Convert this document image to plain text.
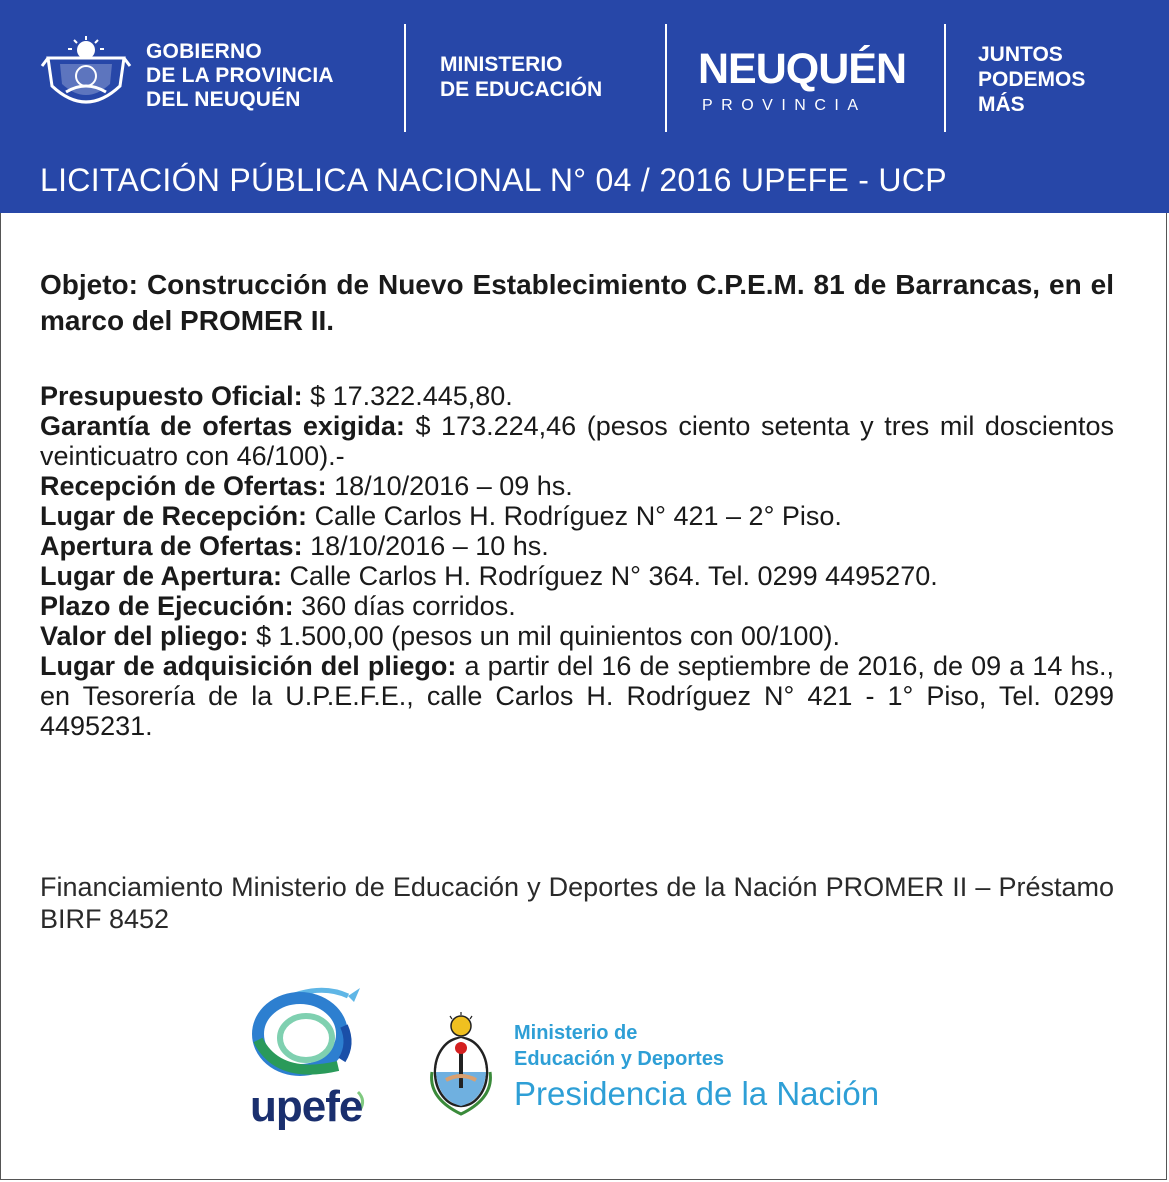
GOBIERNO
DE LA PROVINCIA
DEL NEUQUÉN
MINISTERIO
DE EDUCACIÓN NEUQUÉN
PROVINCIA
JUNTOS
PODEMOS
MÁS
LICITACIÓN PÚBLICA NACIONAL N° 04 / 2016 UPEFE - UCP
Objeto: Construcción de Nuevo Establecimiento C.P.E.M. 81 de Barrancas, en el marco del PROMER II.

Presupuesto Oficial: $ 17.322.445,80.

Garantía de ofertas exigida: $ 173.224,46 (pesos ciento setenta y tres mil doscientos veinticuatro con 46/100).-

Recepción de Ofertas: 18/10/2016 – 09 hs.

Lugar de Recepción: Calle Carlos H. Rodríguez N° 421 – 2° Piso.

Apertura de Ofertas: 18/10/2016 – 10 hs.

Lugar de Apertura: Calle Carlos H. Rodríguez N° 364. Tel. 0299 4495270.

Plazo de Ejecución: 360 días corridos.

Valor del pliego: $ 1.500,00 (pesos un mil quinientos con 00/100).

Lugar de adquisición del pliego: a partir del 16 de septiembre de 2016, de 09 a 14 hs., en Tesorería de la U.P.E.F.E., calle Carlos H. Rodríguez N° 421 - 1° Piso, Tel. 0299 4495231.

Financiamiento Ministerio de Educación y Deportes de la Nación PROMER II – Préstamo BIRF 8452
upefe
Ministerio de
Educación y Deportes
Presidencia de la Nación
